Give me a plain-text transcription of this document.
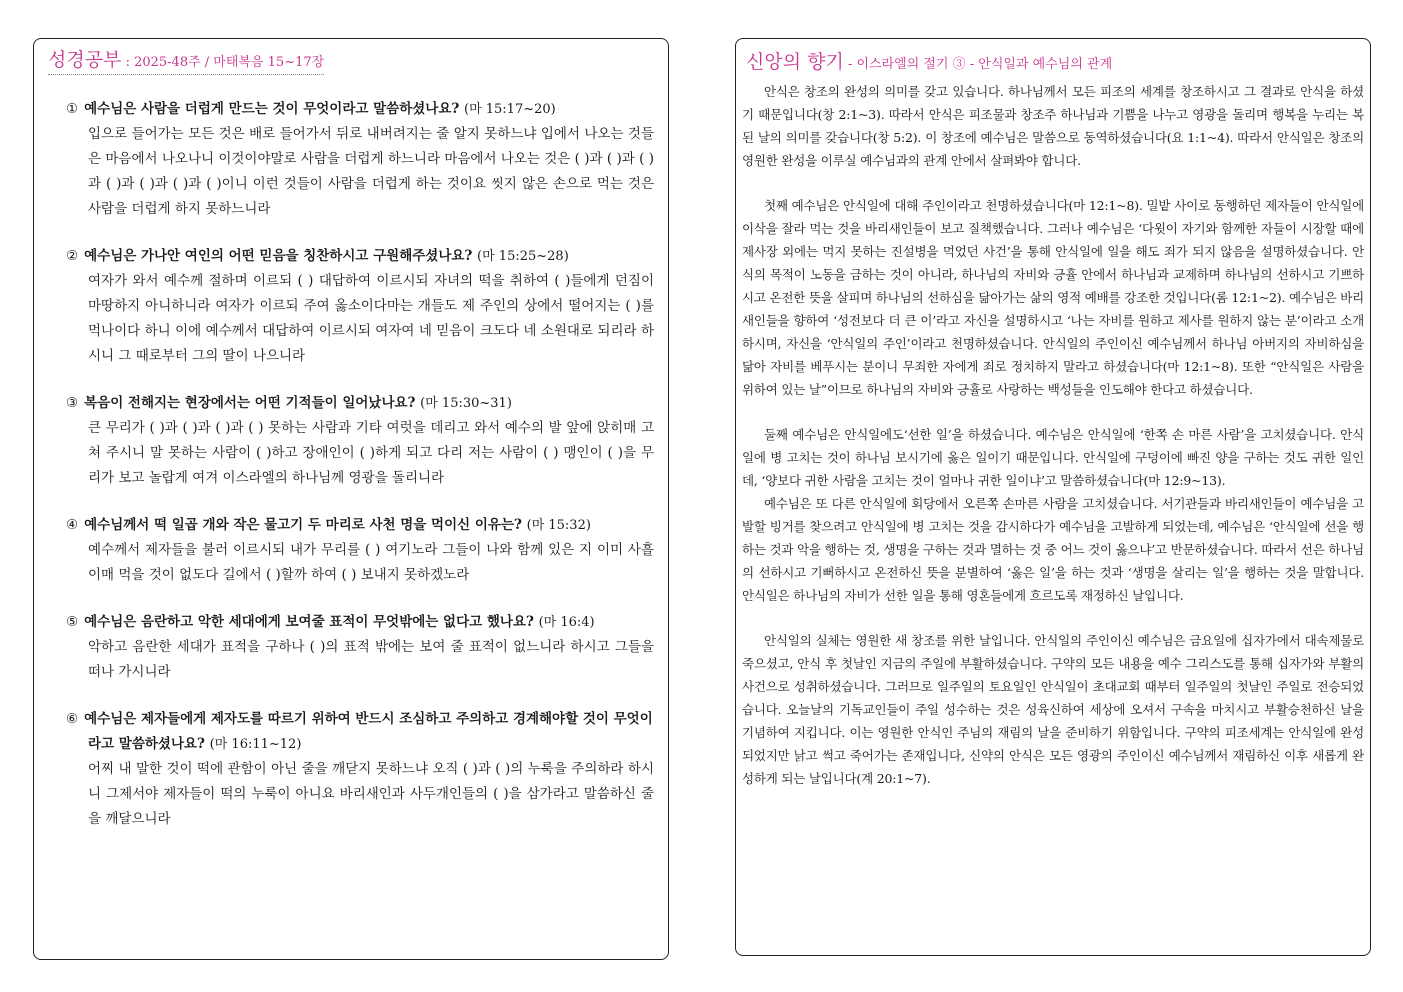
성경공부 : 2025-48주 / 마태복음 15~17장
① 예수님은 사람을 더럽게 만드는 것이 무엇이라고 말씀하셨나요? (마 15:17~20)
입으로 들어가는 모든 것은 배로 들어가서 뒤로 내버려지는 줄 알지 못하느냐 입에서 나오는 것들은 마음에서 나오나니 이것이야말로 사람을 더럽게 하느니라 마음에서 나오는 것은 ( )과 ( )과 ( )과 ( )과 ( )과 ( )과 ( )이니 이런 것들이 사람을 더럽게 하는 것이요 씻지 않은 손으로 먹는 것은 사람을 더럽게 하지 못하느니라
② 예수님은 가나안 여인의 어떤 믿음을 칭찬하시고 구원해주셨나요? (마 15:25~28)
여자가 와서 예수께 절하며 이르되 ( ) 대답하여 이르시되 자녀의 떡을 취하여 ( )들에게 던짐이 마땅하지 아니하니라 여자가 이르되 주여 옳소이다마는 개들도 제 주인의 상에서 떨어지는 ( )를 먹나이다 하니 이에 예수께서 대답하여 이르시되 여자여 네 믿음이 크도다 네 소원대로 되리라 하시니 그 때로부터 그의 딸이 나으니라
③ 복음이 전해지는 현장에서는 어떤 기적들이 일어났나요? (마 15:30~31)
큰 무리가 ( )과 ( )과 ( )과 ( ) 못하는 사람과 기타 여럿을 데리고 와서 예수의 발 앞에 앉히매 고쳐 주시니 말 못하는 사람이 ( )하고 장애인이 ( )하게 되고 다리 저는 사람이 ( ) 맹인이 ( )을 무리가 보고 놀랍게 여겨 이스라엘의 하나님께 영광을 돌리니라
④ 예수님께서 떡 일곱 개와 작은 물고기 두 마리로 사천 명을 먹이신 이유는? (마 15:32)
예수께서 제자들을 불러 이르시되 내가 무리를 ( ) 여기노라 그들이 나와 함께 있은 지 이미 사흘이매 먹을 것이 없도다 길에서 ( )할까 하여 ( ) 보내지 못하겠노라
⑤ 예수님은 음란하고 악한 세대에게 보여줄 표적이 무엇밖에는 없다고 했나요? (마 16:4)
악하고 음란한 세대가 표적을 구하나 ( )의 표적 밖에는 보여 줄 표적이 없느니라 하시고 그들을 떠나 가시니라
⑥ 예수님은 제자들에게 제자도를 따르기 위하여 반드시 조심하고 주의하고 경계해야할 것이 무엇이라고 말씀하셨나요? (마 16:11~12)
어찌 내 말한 것이 떡에 관함이 아닌 줄을 깨닫지 못하느냐 오직 ( )과 ( )의 누룩을 주의하라 하시니 그제서야 제자들이 떡의 누룩이 아니요 바리새인과 사두개인들의 ( )을 삼가라고 말씀하신 줄을 깨달으니라
신앙의 향기 - 이스라엘의 절기 ③ - 안식일과 예수님의 관계

안식은 창조의 완성의 의미를 갖고 있습니다. 하나님께서 모든 피조의 세계를 창조하시고 그 결과로 안식을 하셨기 때문입니다(창 2:1~3). 따라서 안식은 피조물과 창조주 하나님과 기쁨을 나누고 영광을 돌리며 행복을 누리는 복된 날의 의미를 갖습니다(창 5:2). 이 창조에 예수님은 말씀으로 동역하셨습니다(요 1:1~4). 따라서 안식일은 창조의 영원한 완성을 이루실 예수님과의 관계 안에서 살펴봐야 합니다.

첫째 예수님은 안식일에 대해 주인이라고 천명하셨습니다(마 12:1~8). 밀밭 사이로 동행하던 제자들이 안식일에 이삭을 잘라 먹는 것을 바리새인들이 보고 질책했습니다. 그러나 예수님은 ‘다윗이 자기와 함께한 자들이 시장할 때에 제사장 외에는 먹지 못하는 진설병을 먹었던 사건’을 통해 안식일에 일을 해도 죄가 되지 않음을 설명하셨습니다. 안식의 목적이 노동을 금하는 것이 아니라, 하나님의 자비와 긍휼 안에서 하나님과 교제하며 하나님의 선하시고 기쁘하시고 온전한 뜻을 살피며 하나님의 선하심을 닮아가는 삶의 영적 예배를 강조한 것입니다(롬 12:1~2). 예수님은 바리새인들을 향하여 ‘성전보다 더 큰 이’라고 자신을 설명하시고 ‘나는 자비를 원하고 제사를 원하지 않는 분’이라고 소개하시며, 자신을 ‘안식일의 주인’이라고 천명하셨습니다. 안식일의 주인이신 예수님께서 하나님 아버지의 자비하심을 닮아 자비를 베푸시는 분이니 무죄한 자에게 죄로 정치하지 말라고 하셨습니다(마 12:1~8). 또한 “안식일은 사람을 위하여 있는 날”이므로 하나님의 자비와 긍휼로 사랑하는 백성들을 인도해야 한다고 하셨습니다.

둘째 예수님은 안식일에도‘선한 일’을 하셨습니다. 예수님은 안식일에 ‘한쪽 손 마른 사람’을 고치셨습니다. 안식일에 병 고치는 것이 하나님 보시기에 옳은 일이기 때문입니다. 안식일에 구덩이에 빠진 양을 구하는 것도 귀한 일인데, ‘양보다 귀한 사람을 고치는 것이 얼마나 귀한 일이냐’고 말씀하셨습니다(마 12:9~13).

예수님은 또 다른 안식일에 회당에서 오른쪽 손마른 사람을 고치셨습니다. 서기관들과 바리새인들이 예수님을 고발할 빙거를 찾으려고 안식일에 병 고치는 것을 감시하다가 예수님을 고발하게 되었는데, 예수님은 ‘안식일에 선을 행하는 것과 악을 행하는 것, 생명을 구하는 것과 멸하는 것 중 어느 것이 옳으냐’고 반문하셨습니다. 따라서 선은 하나님의 선하시고 기뻐하시고 온전하신 뜻을 분별하여 ‘옳은 일’을 하는 것과 ‘생명을 살리는 일’을 행하는 것을 말합니다. 안식일은 하나님의 자비가 선한 일을 통해 영혼들에게 흐르도록 재정하신 날입니다.

안식일의 실체는 영원한 새 창조를 위한 날입니다. 안식일의 주인이신 예수님은 금요일에 십자가에서 대속제물로 죽으셨고, 안식 후 첫날인 지금의 주일에 부활하셨습니다. 구약의 모든 내용을 예수 그리스도를 통해 십자가와 부활의 사건으로 성취하셨습니다. 그러므로 일주일의 토요일인 안식일이 초대교회 때부터 일주일의 첫날인 주일로 전승되었습니다. 오늘날의 기독교인들이 주일 성수하는 것은 성육신하여 세상에 오셔서 구속을 마치시고 부활승천하신 날을 기념하여 지킵니다. 이는 영원한 안식인 주님의 재림의 날을 준비하기 위함입니다. 구약의 피조세계는 안식일에 완성되었지만 낡고 썩고 죽어가는 존재입니다, 신약의 안식은 모든 영광의 주인이신 예수님께서 재림하신 이후 새롭게 완성하게 되는 날입니다(계 20:1~7).
